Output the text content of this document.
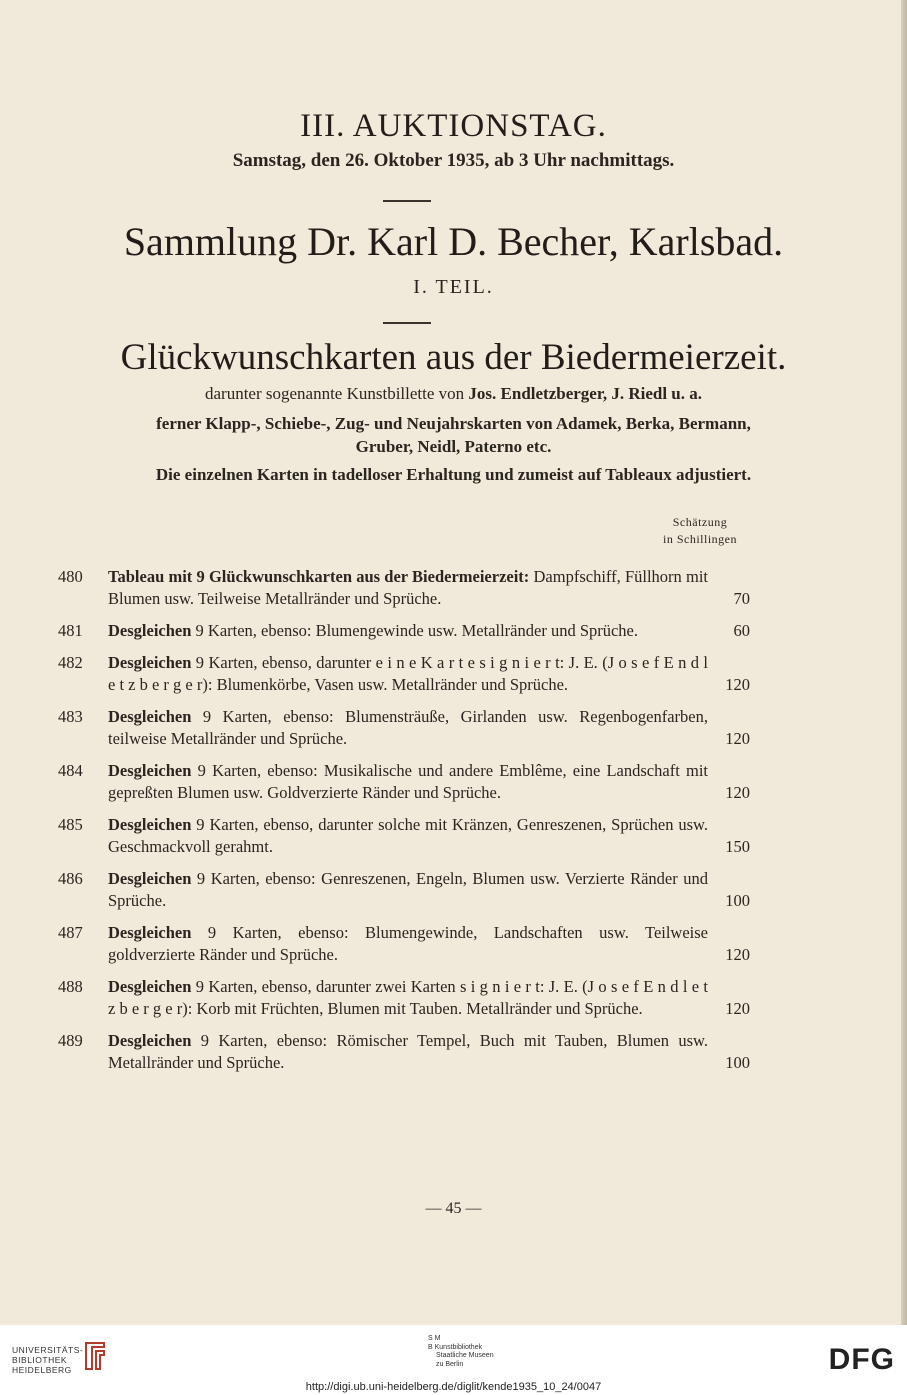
III. AUKTIONSTAG.
Samstag, den 26. Oktober 1935, ab 3 Uhr nachmittags.
Sammlung Dr. Karl D. Becher, Karlsbad.
I. TEIL.
Glückwunschkarten aus der Biedermeierzeit.
darunter sogenannte Kunstbillette von Jos. Endletzberger, J. Riedl u. a.
ferner Klapp-, Schiebe-, Zug- und Neujahrskarten von Adamek, Berka, Bermann,
Gruber, Neidl, Paterno etc.
Die einzelnen Karten in tadelloser Erhaltung und zumeist auf Tableaux adjustiert.
Schätzung
in Schillingen
480	Tableau mit 9 Glückwunschkarten aus der Biedermeierzeit: Dampfschiff, Füllhorn mit Blumen usw. Teilweise Metallränder und Sprüche.	70
481	Desgleichen 9 Karten, ebenso: Blumengewinde usw. Metallränder und Sprüche.	60
482	Desgleichen 9 Karten, ebenso, darunter e i n e K a r t e s i g n i e r t: J. E. (J o s e f E n d l e t z b e r g e r): Blumenkörbe, Vasen usw. Metallränder und Sprüche.	120
483	Desgleichen 9 Karten, ebenso: Blumensträuße, Girlanden usw. Regenbogenfarben, teilweise Metallränder und Sprüche.	120
484	Desgleichen 9 Karten, ebenso: Musikalische und andere Emblême, eine Landschaft mit gepreßten Blumen usw. Goldverzierte Ränder und Sprüche.	120
485	Desgleichen 9 Karten, ebenso, darunter solche mit Kränzen, Genreszenen, Sprüchen usw. Geschmackvoll gerahmt.	150
486	Desgleichen 9 Karten, ebenso: Genreszenen, Engeln, Blumen usw. Verzierte Ränder und Sprüche.	100
487	Desgleichen 9 Karten, ebenso: Blumengewinde, Landschaften usw. Teilweise goldverzierte Ränder und Sprüche.	120
488	Desgleichen 9 Karten, ebenso, darunter zwei Karten s i g n i e r t: J. E. (J o s e f E n d l e t z b e r g e r): Korb mit Früchten, Blumen mit Tauben. Metallränder und Sprüche.	120
489	Desgleichen 9 Karten, ebenso: Römischer Tempel, Buch mit Tauben, Blumen usw. Metallränder und Sprüche.	100
— 45 —
UNIVERSITÄTS-
BIBLIOTHEK
HEIDELBERG
S M
B Kunstbibliothek
Staatliche Museen
zu Berlin	DFG
http://digi.ub.uni-heidelberg.de/diglit/kende1935_10_24/0047
